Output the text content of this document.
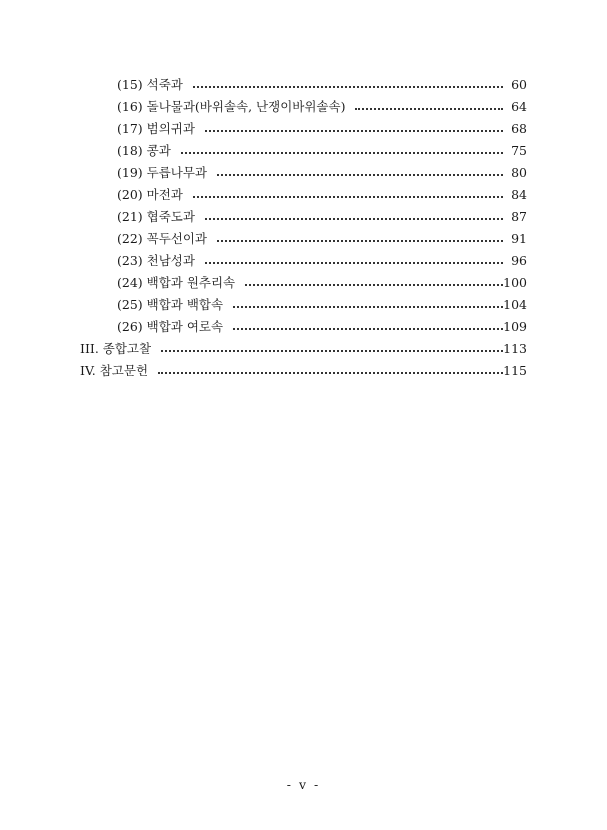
(15) 석죽과	60
(16) 돌나물과(바위솔속, 난쟁이바위솔속)	64
(17) 범의귀과	68
(18) 콩과	75
(19) 두릅나무과	80
(20) 마전과	84
(21) 협죽도과	87
(22) 꼭두선이과	91
(23) 천남성과	96
(24) 백합과 원추리속	100
(25) 백합과 백합속	104
(26) 백합과 여로속	109
III. 종합고찰	113
IV. 참고문헌	115
- v -
